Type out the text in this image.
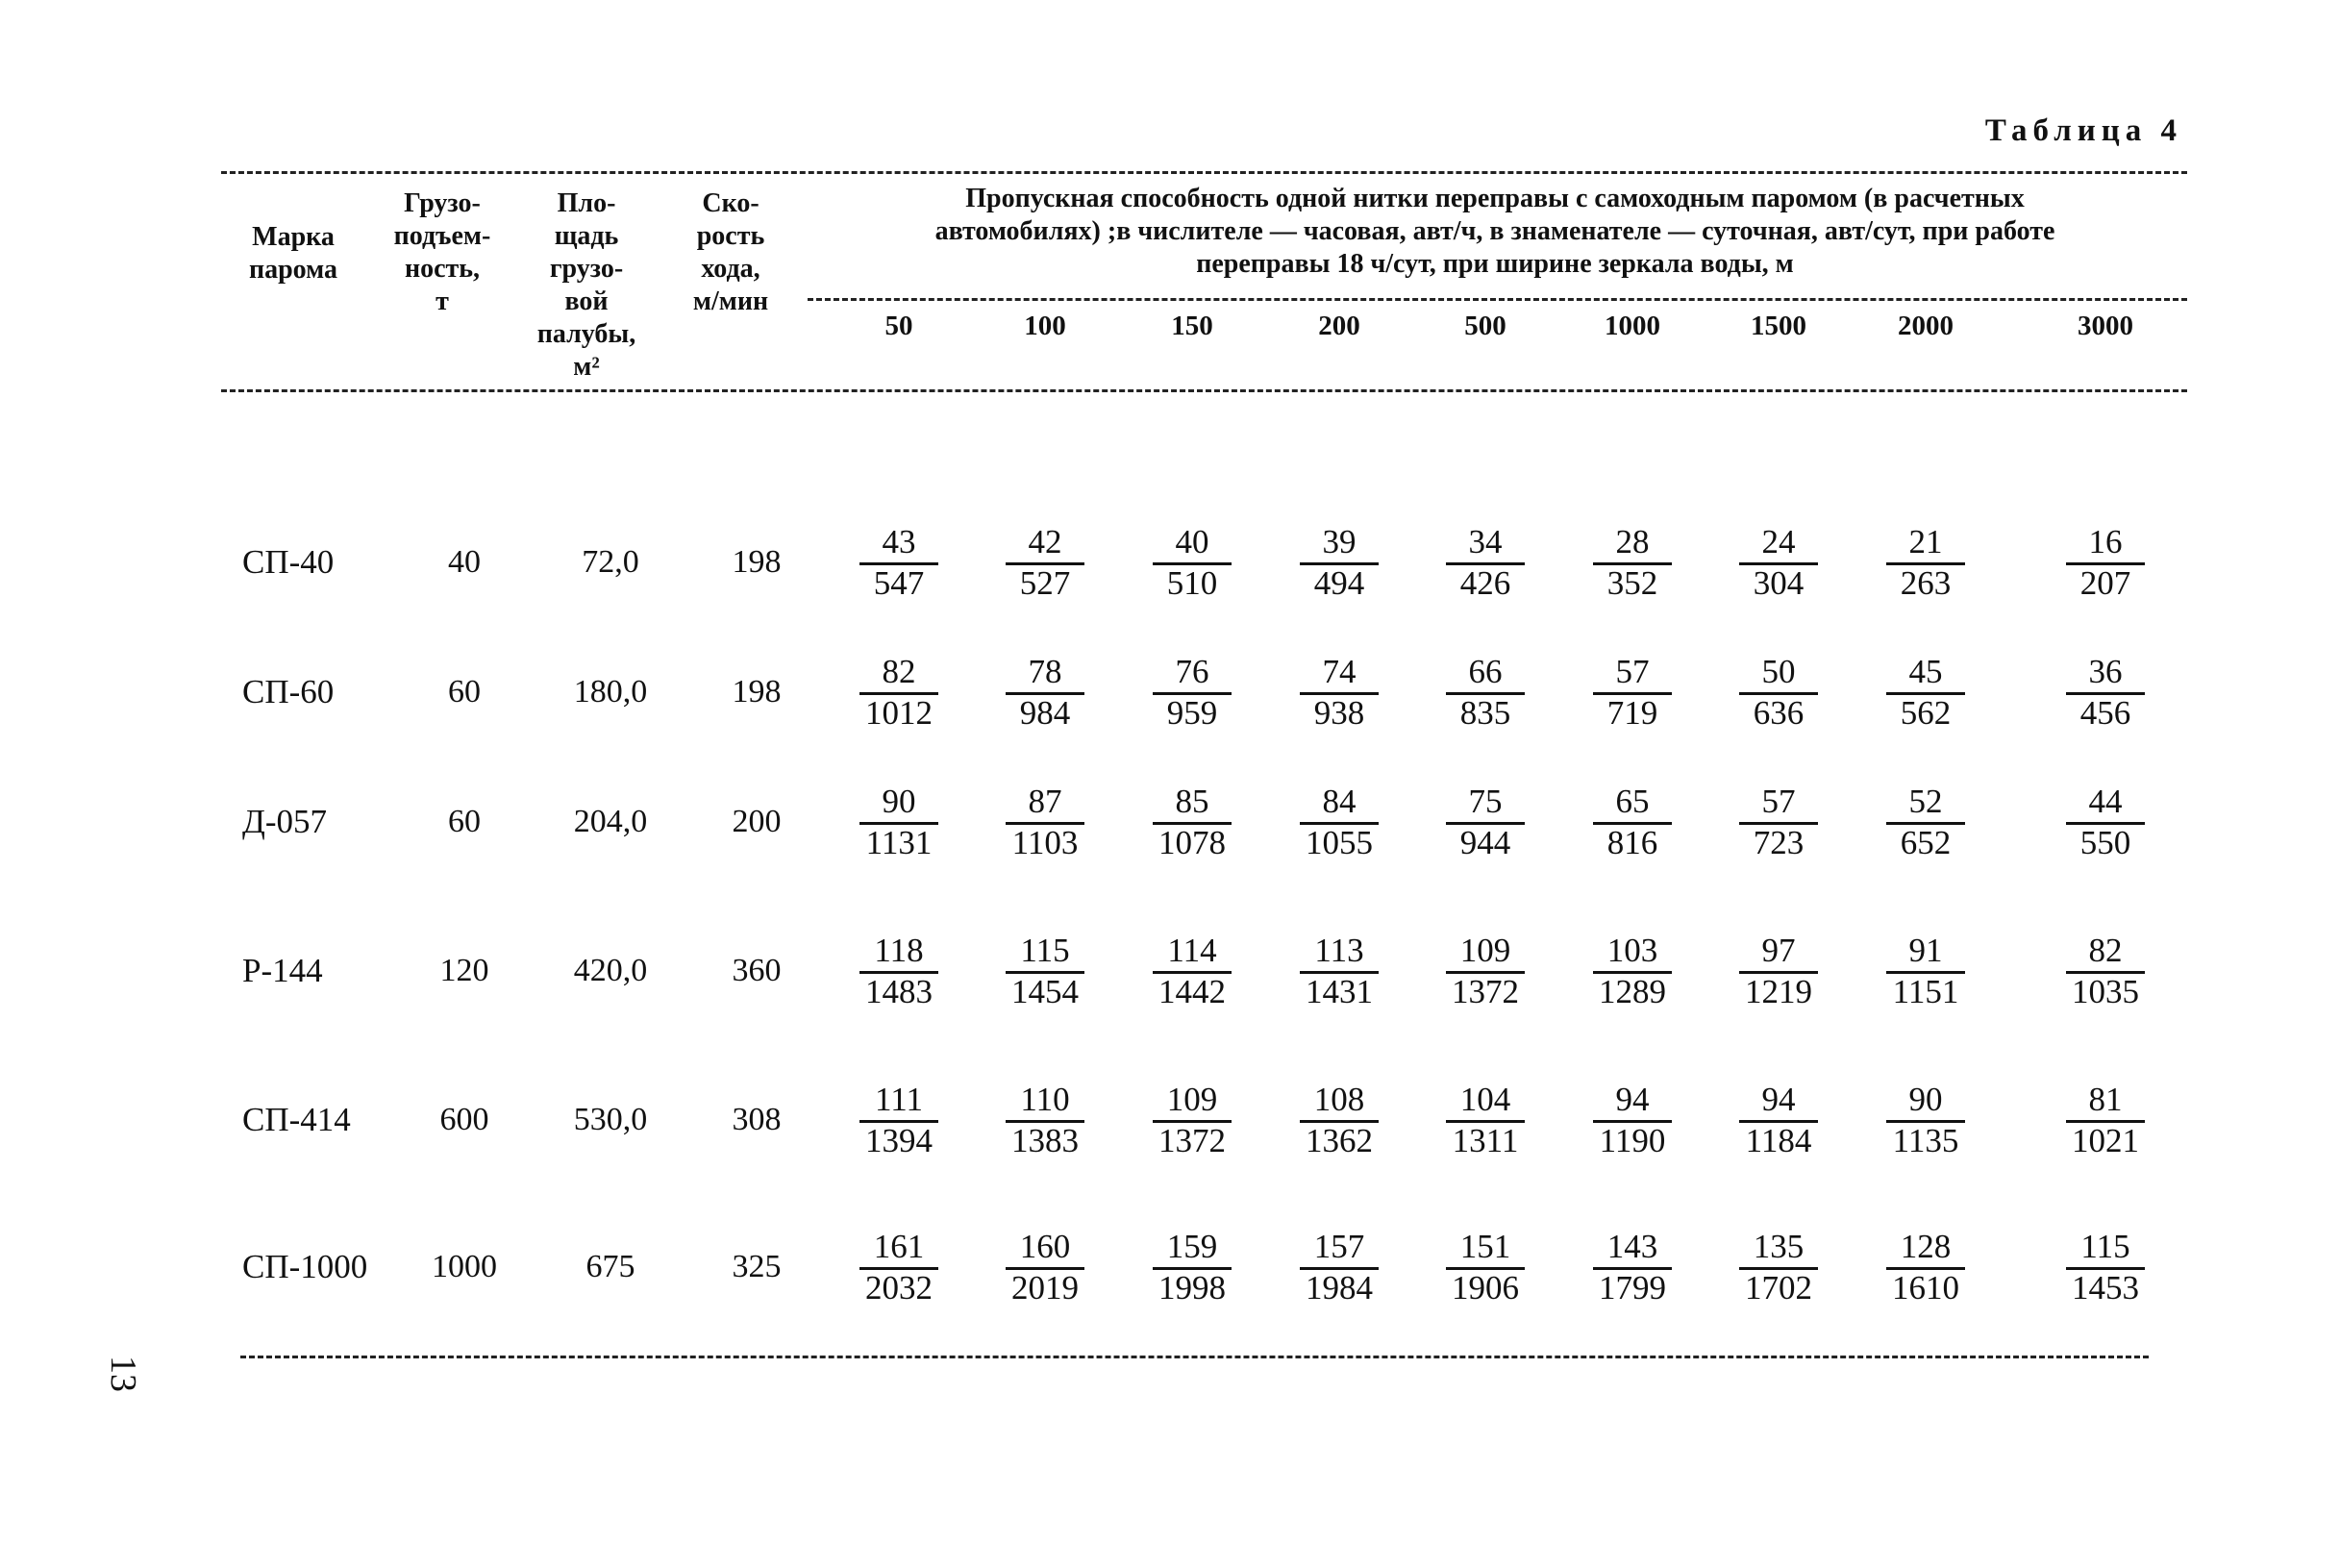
Таблица 4
Марка
парома
Грузо-
подъем-
ность,
т
Пло-
щадь
грузо-
вой
палубы,
м²
Ско-
рость
хода,
м/мин
Пропускная способность одной нитки переправы с самоходным паромом (в расчетных
автомобилях) ;в числителе — часовая, авт/ч, в знаменателе — суточная, авт/сут, при работе
переправы 18 ч/сут, при ширине зеркала воды, м
50	100	150	200	500	1000	1500	2000	3000
СП-40	40	72,0	198	$\frac{43}{547} \frac{42}{527} \frac{40}{510} \frac{39}{494} \frac{34}{426} \frac{28}{352} \frac{24}{304} \frac{21}{263} \frac{16}{207}$
СП-60	60	180,0	198	$\frac{82}{1012} \frac{78}{984} \frac{76}{959} \frac{74}{938} \frac{66}{835} \frac{57}{719} \frac{50}{636} \frac{45}{562} \frac{36}{456}$
Д-057	60	204,0	200	$\frac{90}{1131} \frac{87}{1103} \frac{85}{1078} \frac{84}{1055} \frac{75}{944} \frac{65}{816} \frac{57}{723} \frac{52}{652} \frac{44}{550}$
Р-144	120	420,0	360	$\frac{118}{1483} \frac{115}{1454} \frac{114}{1442} \frac{113}{1431} \frac{109}{1372} \frac{103}{1289} \frac{97}{1219} \frac{91}{1151} \frac{82}{1035}$
СП-414	600	530,0	308	$\frac{111}{1394} \frac{110}{1383} \frac{109}{1372} \frac{108}{1362} \frac{104}{1311} \frac{94}{1190} \frac{94}{1184} \frac{90}{1135} \frac{81}{1021}$
СП-1000	1000	675	325	$\frac{161}{2032} \frac{160}{2019} \frac{159}{1998} \frac{157}{1984} \frac{151}{1906} \frac{143}{1799} \frac{135}{1702} \frac{128}{1610} \frac{115}{1453}$
13
